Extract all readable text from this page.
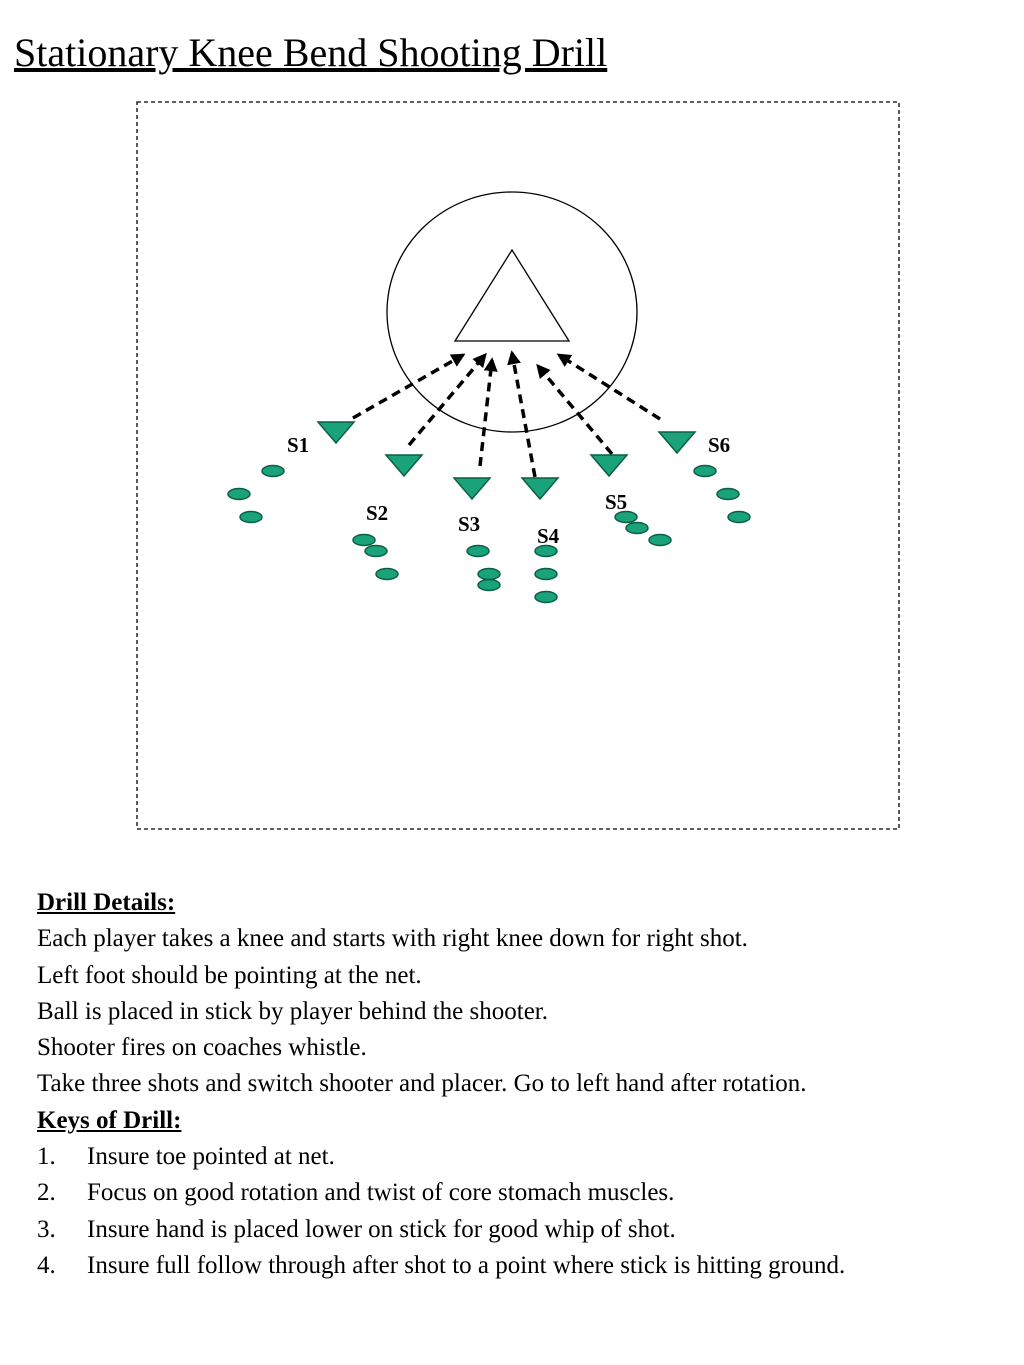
Stationary Knee Bend Shooting Drill
S1
S2	S3	S4
S5
S6
Drill Details:
Each player takes a knee and starts with right knee down for right shot.
Left foot should be pointing at the net.
Ball is placed in stick by player behind the shooter.
Shooter fires on coaches whistle.
Take three shots and switch shooter and placer. Go to left hand after rotation.
Keys of Drill:
1. Insure toe pointed at net.
2. Focus on good rotation and twist of core stomach muscles.
3. Insure hand is placed lower on stick for good whip of shot.
4. Insure full follow through after shot to a point where stick is hitting ground.
